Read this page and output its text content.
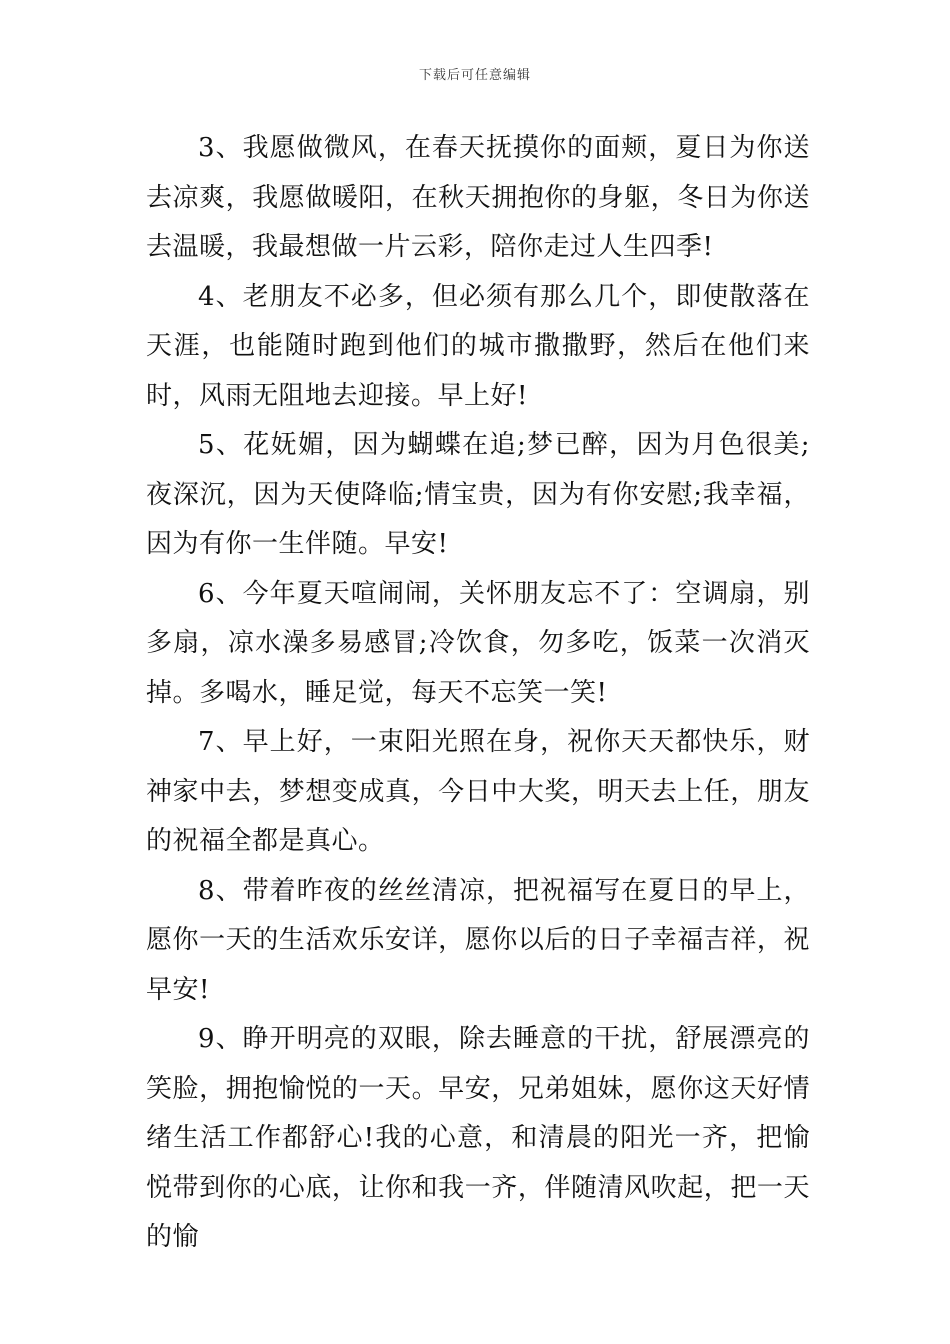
下载后可任意编辑

3、我愿做微风，在春天抚摸你的面颊，夏日为你送去凉爽，我愿做暖阳，在秋天拥抱你的身躯，冬日为你送去温暖，我最想做一片云彩，陪你走过人生四季!

4、老朋友不必多，但必须有那么几个，即使散落在天涯，也能随时跑到他们的城市撒撒野，然后在他们来时，风雨无阻地去迎接。早上好!

5、花妩媚，因为蝴蝶在追;梦已醉，因为月色很美;夜深沉，因为天使降临;情宝贵，因为有你安慰;我幸福，因为有你一生伴随。早安!

6、今年夏天喧闹闹，关怀朋友忘不了：空调扇，别多扇，凉水澡多易感冒;冷饮食，勿多吃，饭菜一次消灭掉。多喝水，睡足觉，每天不忘笑一笑!

7、早上好，一束阳光照在身，祝你天天都快乐，财神家中去，梦想变成真，今日中大奖，明天去上任，朋友的祝福全都是真心。

8、带着昨夜的丝丝清凉，把祝福写在夏日的早上，愿你一天的生活欢乐安详，愿你以后的日子幸福吉祥，祝早安!

9、睁开明亮的双眼，除去睡意的干扰，舒展漂亮的笑脸，拥抱愉悦的一天。早安，兄弟姐妹，愿你这天好情绪生活工作都舒心!我的心意，和清晨的阳光一齐，把愉悦带到你的心底，让你和我一齐，伴随清风吹起，把一天的愉
